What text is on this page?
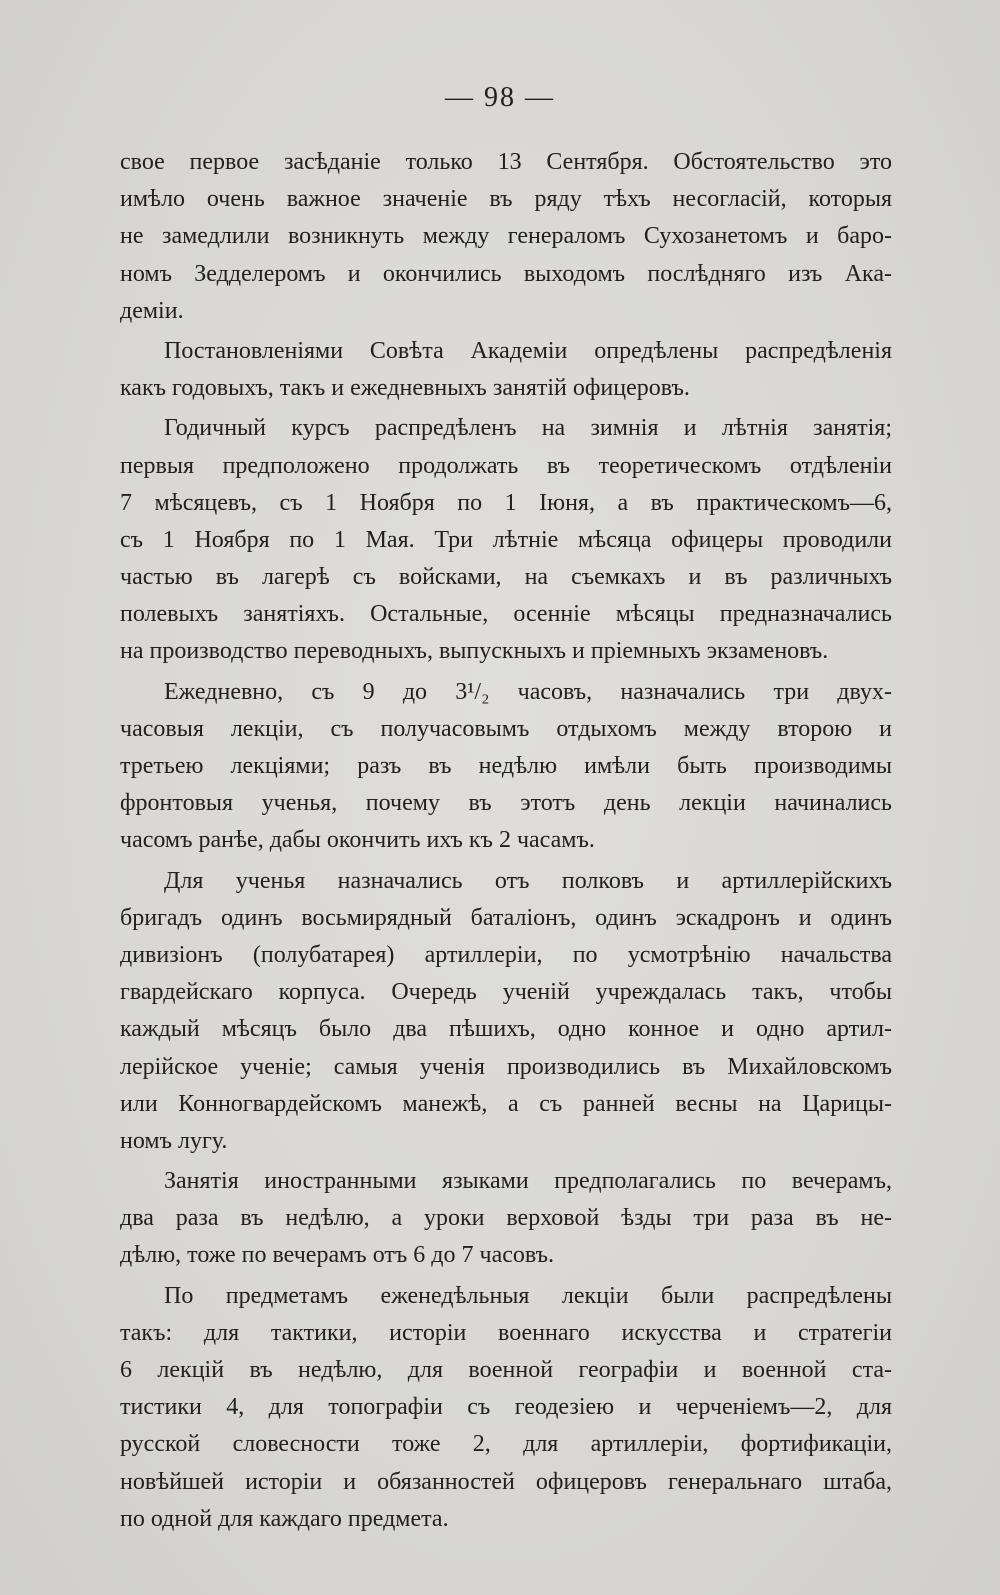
— 98 —
свое первое засѣданіе только 13 Сентября. Обстоятельство это
имѣло очень важное значеніе въ ряду тѣхъ несогласій, которыя
не замедлили возникнуть между генераломъ Сухозанетомъ и баро-
номъ Зедделеромъ и окончились выходомъ послѣдняго изъ Ака-
деміи.
Постановленіями Совѣта Академіи опредѣлены распредѣленія
какъ годовыхъ, такъ и ежедневныхъ занятій офицеровъ.
Годичный курсъ распредѣленъ на зимнія и лѣтнія занятія;
первыя предположено продолжать въ теоретическомъ отдѣленіи
7 мѣсяцевъ, съ 1 Ноября по 1 Іюня, а въ практическомъ—6,
съ 1 Ноября по 1 Мая. Три лѣтніе мѣсяца офицеры проводили
частью въ лагерѣ съ войсками, на съемкахъ и въ различныхъ
полевыхъ занятіяхъ. Остальные, осенніе мѣсяцы предназначались
на производство переводныхъ, выпускныхъ и пріемныхъ экзаменовъ.
Ежедневно, съ 9 до 3¹/₂ часовъ, назначались три двух-
часовыя лекціи, съ получасовымъ отдыхомъ между второю и
третьею лекціями; разъ въ недѣлю имѣли быть производимы
фронтовыя ученья, почему въ этотъ день лекціи начинались
часомъ ранѣе, дабы окончить ихъ къ 2 часамъ.
Для ученья назначались отъ полковъ и артиллерійскихъ
бригадъ одинъ восьмирядный баталіонъ, одинъ эскадронъ и одинъ
дивизіонъ (полубатарея) артиллеріи, по усмотрѣнію начальства
гвардейскаго корпуса. Очередь ученій учреждалась такъ, чтобы
каждый мѣсяцъ было два пѣшихъ, одно конное и одно артил-
лерійское ученіе; самыя ученія производились въ Михайловскомъ
или Конногвардейскомъ манежѣ, а съ ранней весны на Царицы-
номъ лугу.
Занятія иностранными языками предполагались по вечерамъ,
два раза въ недѣлю, а уроки верховой ѣзды три раза въ не-
дѣлю, тоже по вечерамъ отъ 6 до 7 часовъ.
По предметамъ еженедѣльныя лекціи были распредѣлены
такъ: для тактики, исторіи военнаго искусства и стратегіи
6 лекцій въ недѣлю, для военной географіи и военной ста-
тистики 4, для топографіи съ геодезіею и черченіемъ—2, для
русской словесности тоже 2, для артиллеріи, фортификаціи,
новѣйшей исторіи и обязанностей офицеровъ генеральнаго штаба,
по одной для каждаго предмета.
